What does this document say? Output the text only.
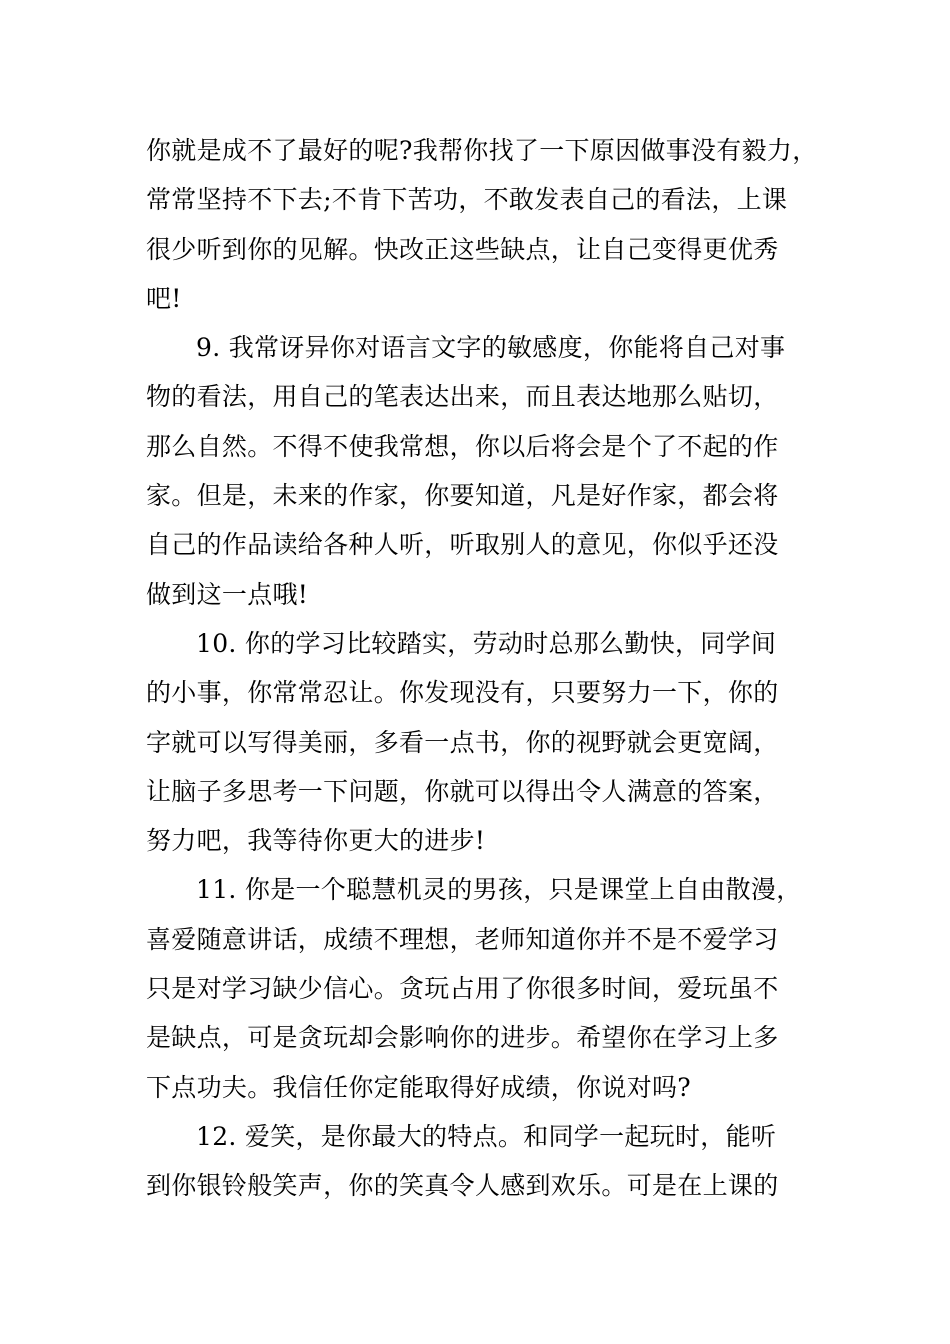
你就是成不了最好的呢?我帮你找了一下原因做事没有毅力，
常常坚持不下去;不肯下苦功，不敢发表自己的看法，上课
很少听到你的见解。快改正这些缺点，让自己变得更优秀
吧!

9. 我常讶异你对语言文字的敏感度，你能将自己对事
物的看法，用自己的笔表达出来，而且表达地那么贴切，
那么自然。不得不使我常想，你以后将会是个了不起的作
家。但是，未来的作家，你要知道，凡是好作家，都会将
自己的作品读给各种人听，听取别人的意见，你似乎还没
做到这一点哦!

10. 你的学习比较踏实，劳动时总那么勤快，同学间
的小事，你常常忍让。你发现没有，只要努力一下，你的
字就可以写得美丽，多看一点书，你的视野就会更宽阔，
让脑子多思考一下问题，你就可以得出令人满意的答案，
努力吧，我等待你更大的进步!

11. 你是一个聪慧机灵的男孩，只是课堂上自由散漫，
喜爱随意讲话，成绩不理想，老师知道你并不是不爱学习
只是对学习缺少信心。贪玩占用了你很多时间，爱玩虽不
是缺点，可是贪玩却会影响你的进步。希望你在学习上多
下点功夫。我信任你定能取得好成绩，你说对吗?

12. 爱笑，是你最大的特点。和同学一起玩时，能听
到你银铃般笑声，你的笑真令人感到欢乐。可是在上课的
